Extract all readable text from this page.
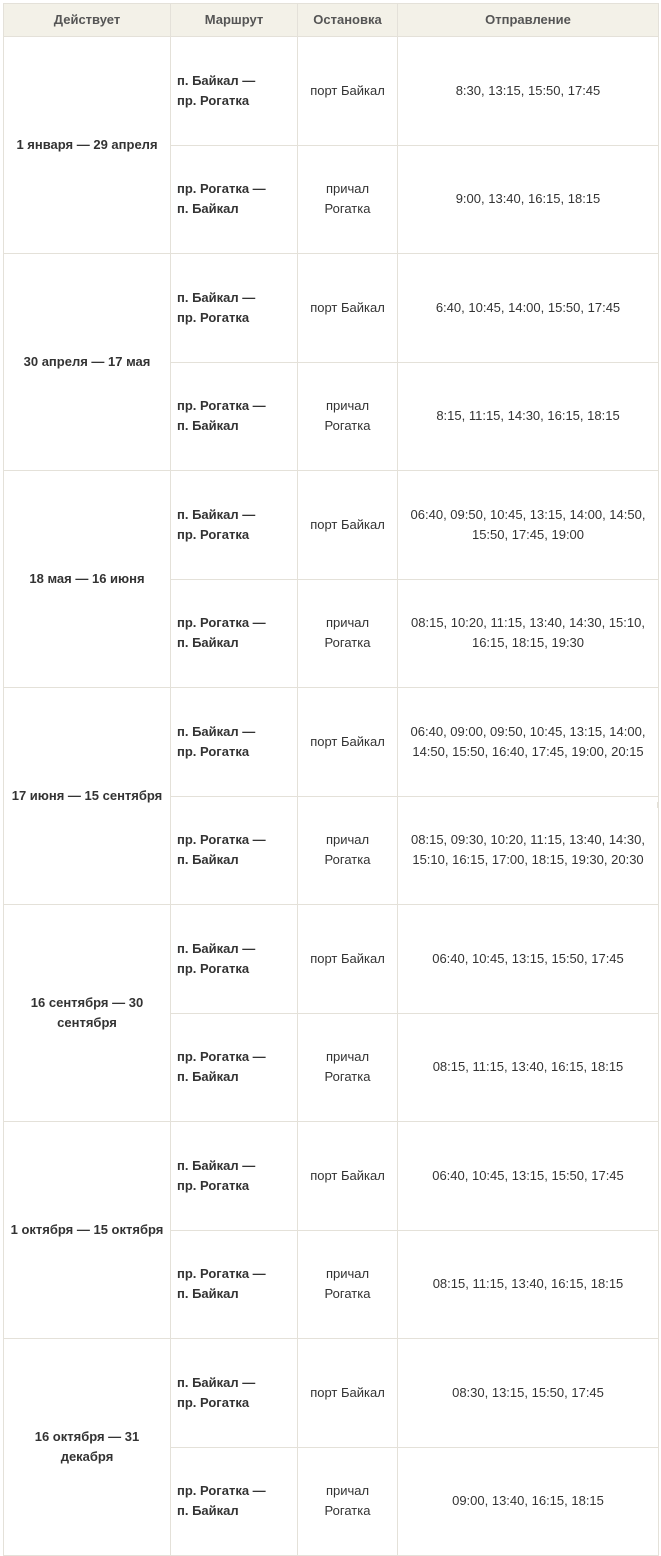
Действует	Маршрут	Остановка	Отправление
1 января — 29 апреля	п. Байкал —
пр. Рогатка	порт Байкал	8:30, 13:15, 15:50, 17:45
	пр. Рогатка —
п. Байкал	причал
Рогатка	9:00, 13:40, 16:15, 18:15
30 апреля — 17 мая	п. Байкал —
пр. Рогатка	порт Байкал	6:40, 10:45, 14:00, 15:50, 17:45
	пр. Рогатка —
п. Байкал	причал
Рогатка	8:15, 11:15, 14:30, 16:15, 18:15
18 мая — 16 июня	п. Байкал —
пр. Рогатка	порт Байкал	06:40, 09:50, 10:45, 13:15, 14:00, 14:50,
15:50, 17:45, 19:00
	пр. Рогатка —
п. Байкал	причал
Рогатка	08:15, 10:20, 11:15, 13:40, 14:30, 15:10,
16:15, 18:15, 19:30
17 июня — 15 сентября	п. Байкал —
пр. Рогатка	порт Байкал	06:40, 09:00, 09:50, 10:45, 13:15, 14:00,
14:50, 15:50, 16:40, 17:45, 19:00, 20:15
	пр. Рогатка —
п. Байкал	причал
Рогатка	08:15, 09:30, 10:20, 11:15, 13:40, 14:30,
15:10, 16:15, 17:00, 18:15, 19:30, 20:30
16 сентября — 30 сентября	п. Байкал —
пр. Рогатка	порт Байкал	06:40, 10:45, 13:15, 15:50, 17:45
	пр. Рогатка —
п. Байкал	причал
Рогатка	08:15, 11:15, 13:40, 16:15, 18:15
1 октября — 15 октября	п. Байкал —
пр. Рогатка	порт Байкал	06:40, 10:45, 13:15, 15:50, 17:45
	пр. Рогатка —
п. Байкал	причал
Рогатка	08:15, 11:15, 13:40, 16:15, 18:15
16 октября — 31 декабря	п. Байкал —
пр. Рогатка	порт Байкал	08:30, 13:15, 15:50, 17:45
	пр. Рогатка —
п. Байкал	причал
Рогатка	09:00, 13:40, 16:15, 18:15
